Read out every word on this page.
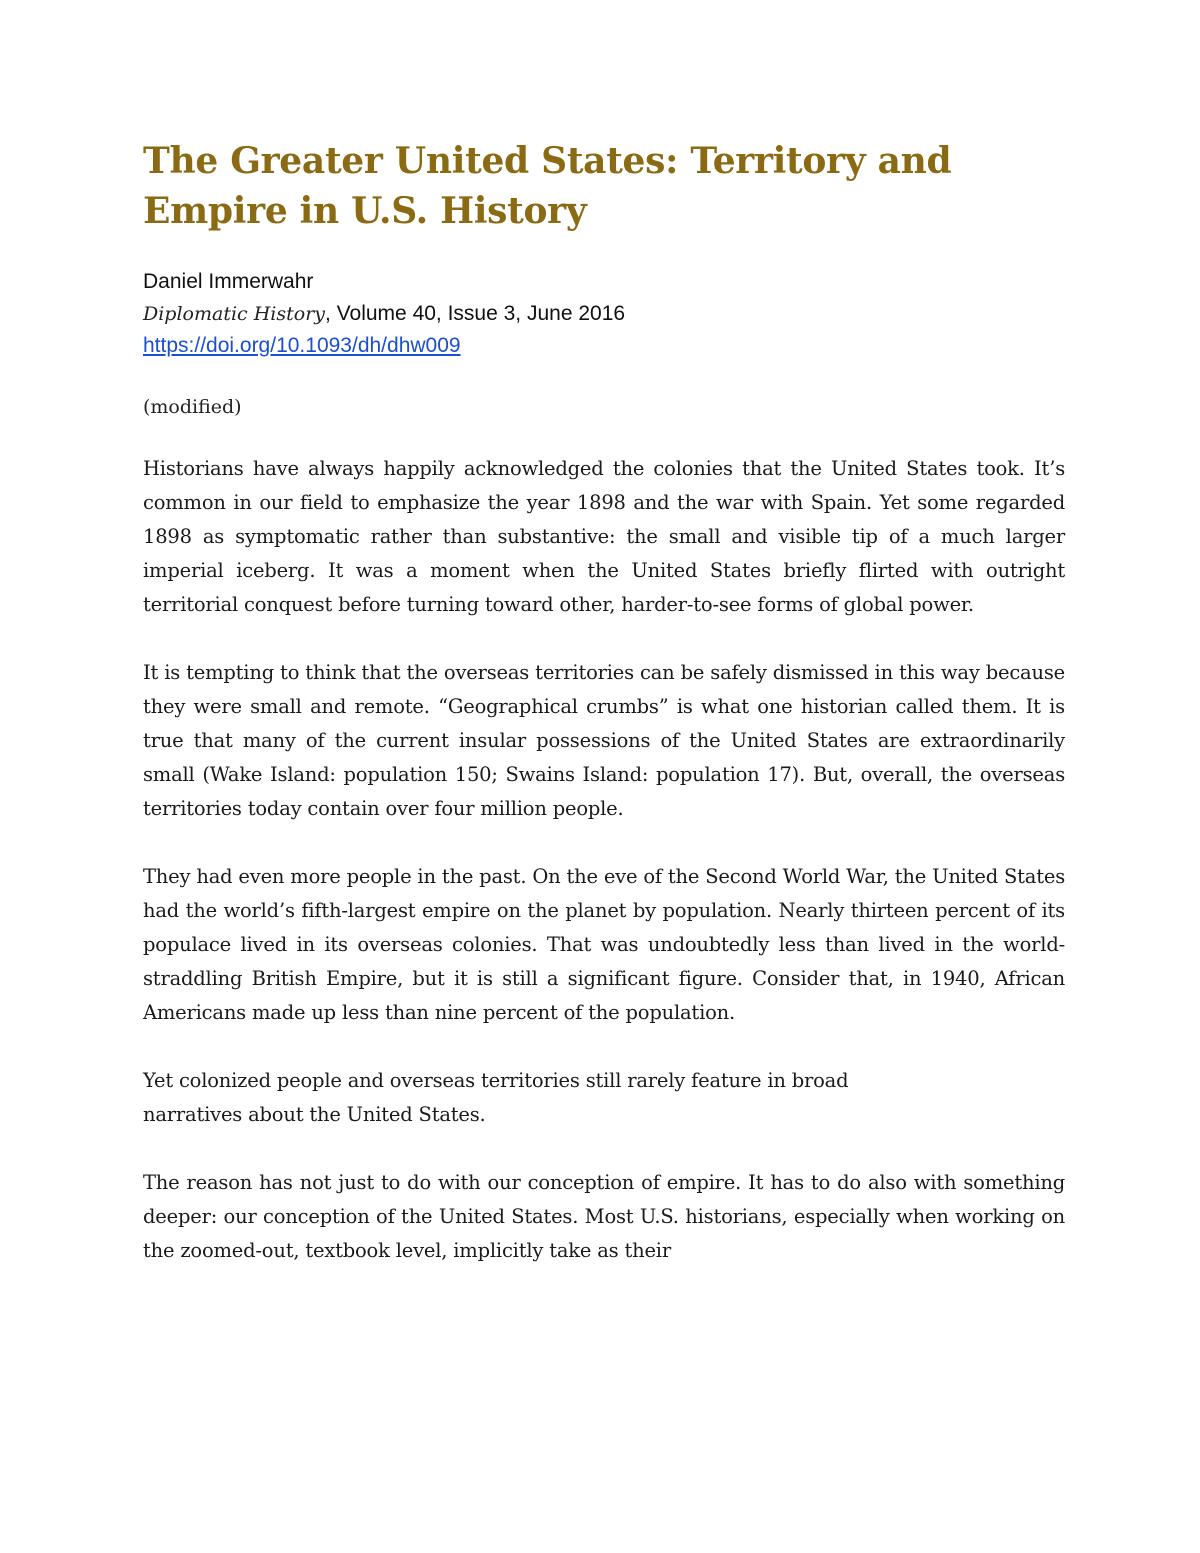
The Greater United States: Territory and
Empire in U.S. History
Daniel Immerwahr
Diplomatic History, Volume 40, Issue 3, June 2016
https://doi.org/10.1093/dh/dhw009
(modified)

Historians have always happily acknowledged the colonies that the United States took. It’s common in our field to emphasize the year 1898 and the war with Spain. Yet some regarded 1898 as symptomatic rather than substantive: the small and visible tip of a much larger imperial iceberg. It was a moment when the United States briefly flirted with outright territorial conquest before turning toward other, harder-to-see forms of global power.

It is tempting to think that the overseas territories can be safely dismissed in this way because they were small and remote. “Geographical crumbs” is what one historian called them. It is true that many of the current insular possessions of the United States are extraordinarily small (Wake Island: population 150; Swains Island: population 17). But, overall, the overseas territories today contain over four million people.

They had even more people in the past. On the eve of the Second World War, the United States had the world’s fifth-largest empire on the planet by population. Nearly thirteen percent of its populace lived in its overseas colonies. That was undoubtedly less than lived in the world-straddling British Empire, but it is still a significant figure. Consider that, in 1940, African Americans made up less than nine percent of the population.

Yet colonized people and overseas territories still rarely feature in broad narratives about the United States.

The reason has not just to do with our conception of empire. It has to do also with something deeper: our conception of the United States. Most U.S. historians, especially when working on the zoomed-out, textbook level, implicitly take as their
